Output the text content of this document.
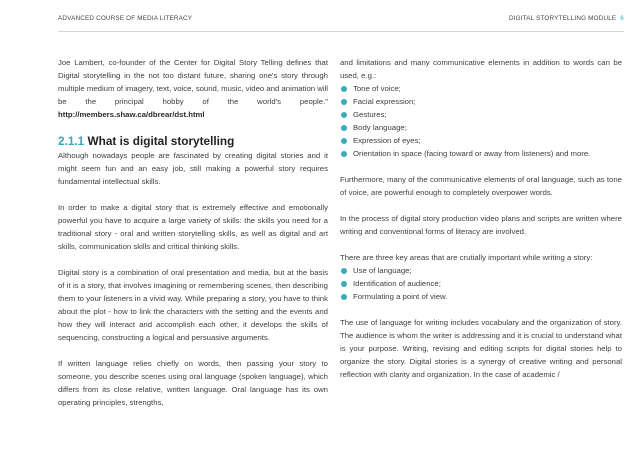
ADVANCED COURSE OF MEDIA LITERACY	DIGITAL STORYTELLING MODULE 6

Joe Lambert, co-founder of the Center for Digital Story Telling defines that Digital storytelling in the not too distant future, sharing one's story through multiple medium of imagery, text, voice, sound, music, video and animation will be the principal hobby of the world's people." http://members.shaw.ca/dbrear/dst.html

2.1.1 What is digital storytelling

Although nowadays people are fascinated by creating digital stories and it might seem fun and an easy job, still making a powerful story requires fundamental intellectual skills.

In order to make a digital story that is extremely effective and emotionally powerful you have to acquire a large variety of skills: the skills you need for a traditional story - oral and written storytelling skills, as well as digital and art skills, communication skills and critical thinking skills.

Digital story is a combination of oral presentation and media, but at the basis of it is a story, that involves imagining or remembering scenes, then describing them to your listeners in a vivid way. While preparing a story, you have to think about the plot - how to link the characters with the setting and the events and how they will interact and accomplish each other, it develops the skills of sequencing, constructing a logical and persuasive arguments.

If written language relies chiefly on words, then passing your story to someone, you describe scenes using oral language (spoken language), which differs from its close relative, written language. Oral language has its own operating principles, strengths,

and limitations and many communicative elements in addition to words can be used, e.g.:

Tone of voice;
Facial expression;
Gestures;
Body language;
Expression of eyes;
Orientation in space (facing toward or away from listeners) and more.

Furthermore, many of the communicative elements of oral language, such as tone of voice, are powerful enough to completely overpower words.

In the process of digital story production video plans and scripts are written where writing and conventional forms of literacy are involved.

There are three key areas that are crutially important while writing a story:

Use of language;
Identification of audience;
Formulating a point of view.

The use of language for writing includes vocabulary and the organization of story. The audience is whom the writer is addressing and it is crucial to understand what is your purpose. Writing, revising and editing scripts for digital stories help to organize the story. Digital stories is a synergy of creative writing and personal reflection with clarity and organization. In the case of academic /
